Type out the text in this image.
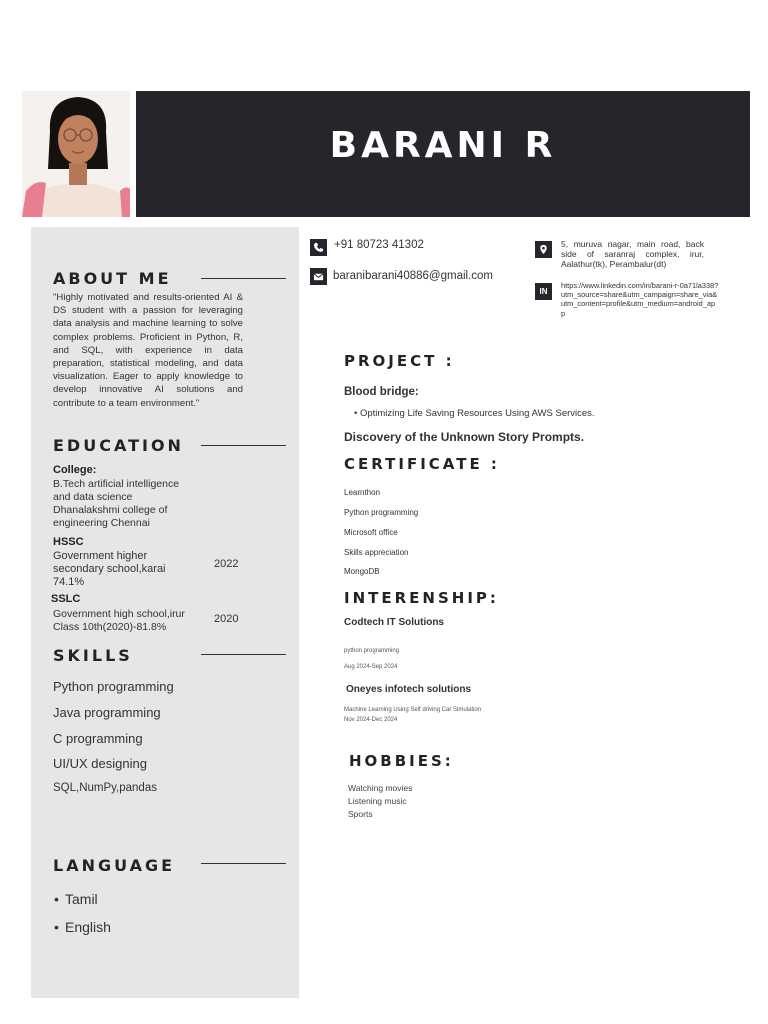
BARANI R
ABOUT ME
"Highly motivated and results-oriented AI & DS student with a passion for leveraging data analysis and machine learning to solve complex problems. Proficient in Python, R, and SQL, with experience in data preparation, statistical modeling, and data visualization. Eager to apply knowledge to develop innovative AI solutions and contribute to a team environment."
EDUCATION
College:
B.Tech artificial intelligence and data science Dhanalakshmi college of engineering Chennai
HSSC
Government higher secondary school,karai 74.1%
2022
SSLC
Government high school,irur Class 10th(2020)-81.8%
2020
SKILLS
Python programming
Java programming
C programming
UI/UX designing
SQL,NumPy,pandas
LANGUAGE
• Tamil
• English
+91 80723 41302
baranibarani40886@gmail.com
5, muruva nagar, main road, back side of saranraj complex, irur, Aalathur(tk), Perambalur(dt)
IN
https://www.linkedin.com/in/barani-r-0a71la338?utm_source=share&utm_campaign=share_via&utm_content=profile&utm_medium=android_app
PROJECT :
Blood bridge:
• Optimizing Life Saving Resources Using AWS Services.
Discovery of the Unknown Story Prompts.
CERTIFICATE :
Learnthon
Python programming
Microsoft office
Skills appreciation
MongoDB
INTERENSHIP:
Codtech IT Solutions
python programming
Aug 2024-Sep 2024
Oneyes infotech solutions
Machine Learning Using Self driving Car Simulation
Nov 2024-Dec 2024
HOBBIES:
Watching movies
Listening music
Sports
